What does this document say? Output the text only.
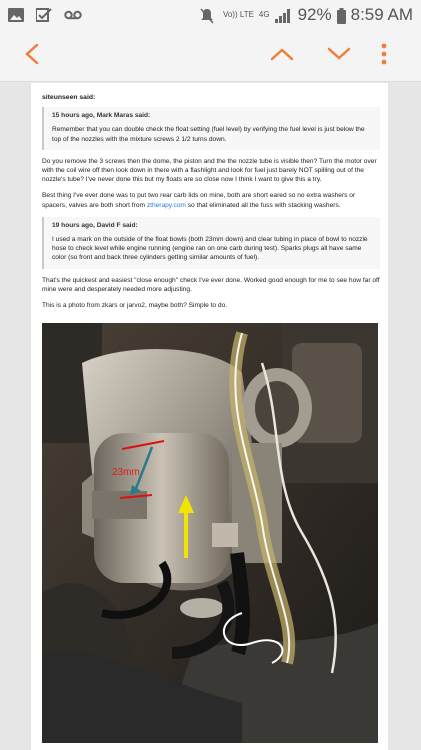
Vo)) LTE 4G 92% 8:59 AM
siteunseen said:
15 hours ago, Mark Maras said:
Remember that you can double check the float setting (fuel level) by verifying the fuel level is just below the top of the nozzles with the mixture screws 2 1/2 turns down.
Do you remove the 3 screws then the dome, the piston and the the nozzle tube is visible then? Turn the motor over with the coil wire off then look down in there with a flashlight and look for fuel just barely NOT spilling out of the nozzle's tube? I've never done this but my floats are so close now I think I want to give this a try.
Best thing I've ever done was to put two rear carb lids on mine, both are short eared so no extra washers or spacers, valves are both short from ztherapy.com so that eliminated all the fuss with stacking washers.
19 hours ago, David F said:
I used a mark on the outside of the float bowls (both 23mm down) and clear tubing in place of bowl to nozzle hose to check level while engine running (engine ran on one carb during test). Sparks plugs all have same color (so front and back three cylinders getting similar amounts of fuel).
That's the quickest and easiest "close enough" check I've ever done. Worked good enough for me to see how far off mine were and desperately needed more adjusting.
This is a photo from zkars or jarvo2, maybe both? Simple to do.
23mm
